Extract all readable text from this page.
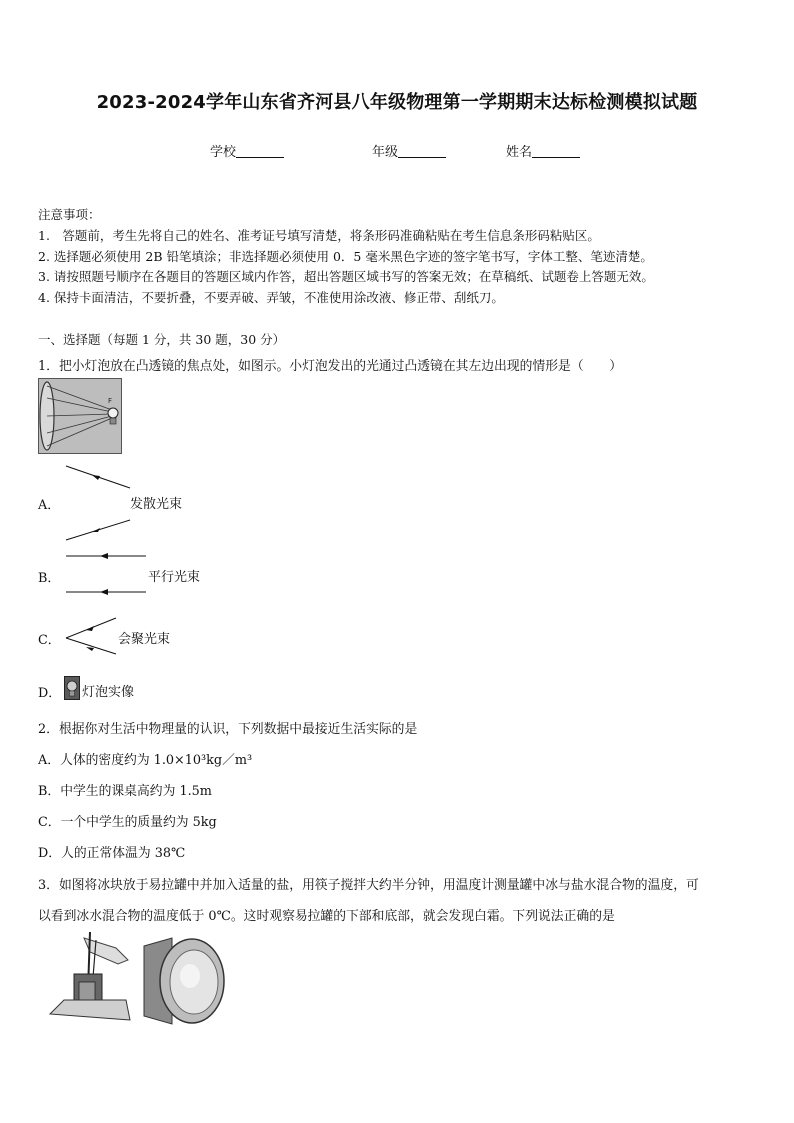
2023-2024学年山东省齐河县八年级物理第一学期期末达标检测模拟试题
学校	年级	姓名
注意事项：
1.　答题前，考生先将自己的姓名、准考证号填写清楚，将条形码准确粘贴在考生信息条形码粘贴区。
2. 选择题必须使用 2B 铅笔填涂；非选择题必须使用 0．5 毫米黑色字迹的签字笔书写，字体工整、笔迹清楚。
3. 请按照题号顺序在各题目的答题区域内作答，超出答题区域书写的答案无效；在草稿纸、试题卷上答题无效。
4. 保持卡面清洁，不要折叠，不要弄破、弄皱，不准使用涂改液、修正带、刮纸刀。
一、选择题（每题 1 分，共 30 题，30 分）
1．把小灯泡放在凸透镜的焦点处，如图示。小灯泡发出的光通过凸透镜在其左边出现的情形是（　　）
F
A．	发散光束
B．	平行光束
C．	会聚光束
D． 灯泡实像
2．根据你对生活中物理量的认识，下列数据中最接近生活实际的是
A．人体的密度约为 1.0×10³kg／m³
B．中学生的课桌高约为 1.5m
C．一个中学生的质量约为 5kg
D．人的正常体温为 38℃
3．如图将冰块放于易拉罐中并加入适量的盐，用筷子搅拌大约半分钟，用温度计测量罐中冰与盐水混合物的温度，可
以看到冰水混合物的温度低于 0℃。这时观察易拉罐的下部和底部，就会发现白霜。下列说法正确的是
